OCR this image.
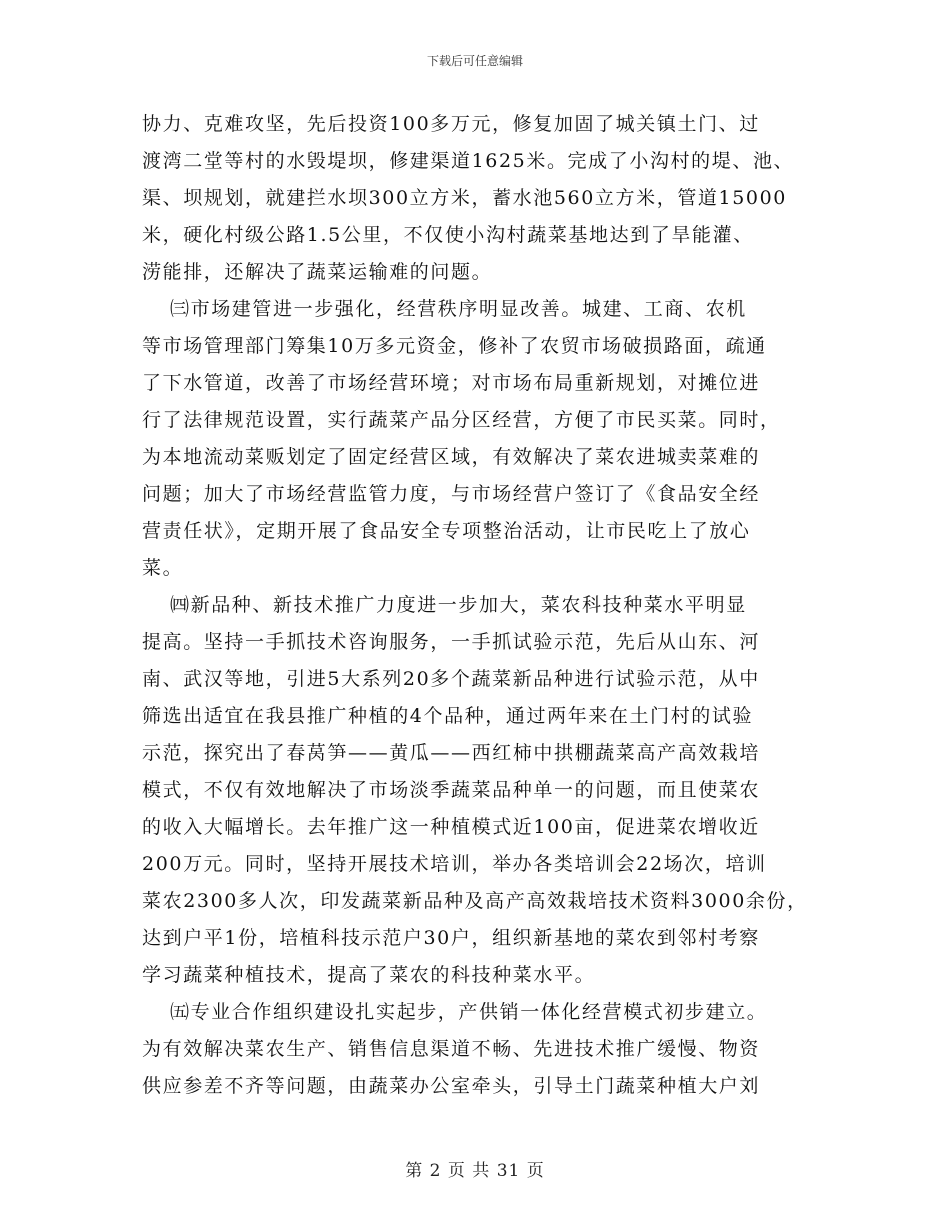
下载后可任意编辑
协力、克难攻坚，先后投资100多万元，修复加固了城关镇土门、过
渡湾二堂等村的水毁堤坝，修建渠道1625米。完成了小沟村的堤、池、
渠、坝规划，就建拦水坝300立方米，蓄水池560立方米，管道15000
米，硬化村级公路1.5公里，不仅使小沟村蔬菜基地达到了旱能灌、
涝能排，还解决了蔬菜运输难的问题。
㈢市场建管进一步强化，经营秩序明显改善。城建、工商、农机
等市场管理部门筹集10万多元资金，修补了农贸市场破损路面，疏通
了下水管道，改善了市场经营环境；对市场布局重新规划，对摊位进
行了法律规范设置，实行蔬菜产品分区经营，方便了市民买菜。同时，
为本地流动菜贩划定了固定经营区域，有效解决了菜农进城卖菜难的
问题；加大了市场经营监管力度，与市场经营户签订了《食品安全经
营责任状》，定期开展了食品安全专项整治活动，让市民吃上了放心
菜。
㈣新品种、新技术推广力度进一步加大，菜农科技种菜水平明显
提高。坚持一手抓技术咨询服务，一手抓试验示范，先后从山东、河
南、武汉等地，引进5大系列20多个蔬菜新品种进行试验示范，从中
筛选出适宜在我县推广种植的4个品种，通过两年来在土门村的试验
示范，探究出了春莴笋——黄瓜——西红柿中拱棚蔬菜高产高效栽培
模式，不仅有效地解决了市场淡季蔬菜品种单一的问题，而且使菜农
的收入大幅增长。去年推广这一种植模式近100亩，促进菜农增收近
200万元。同时，坚持开展技术培训，举办各类培训会22场次，培训
菜农2300多人次，印发蔬菜新品种及高产高效栽培技术资料3000余份，
达到户平1份，培植科技示范户30户，组织新基地的菜农到邻村考察
学习蔬菜种植技术，提高了菜农的科技种菜水平。
㈤专业合作组织建设扎实起步，产供销一体化经营模式初步建立。
为有效解决菜农生产、销售信息渠道不畅、先进技术推广缓慢、物资
供应参差不齐等问题，由蔬菜办公室牵头，引导土门蔬菜种植大户刘
第 2 页 共 31 页
